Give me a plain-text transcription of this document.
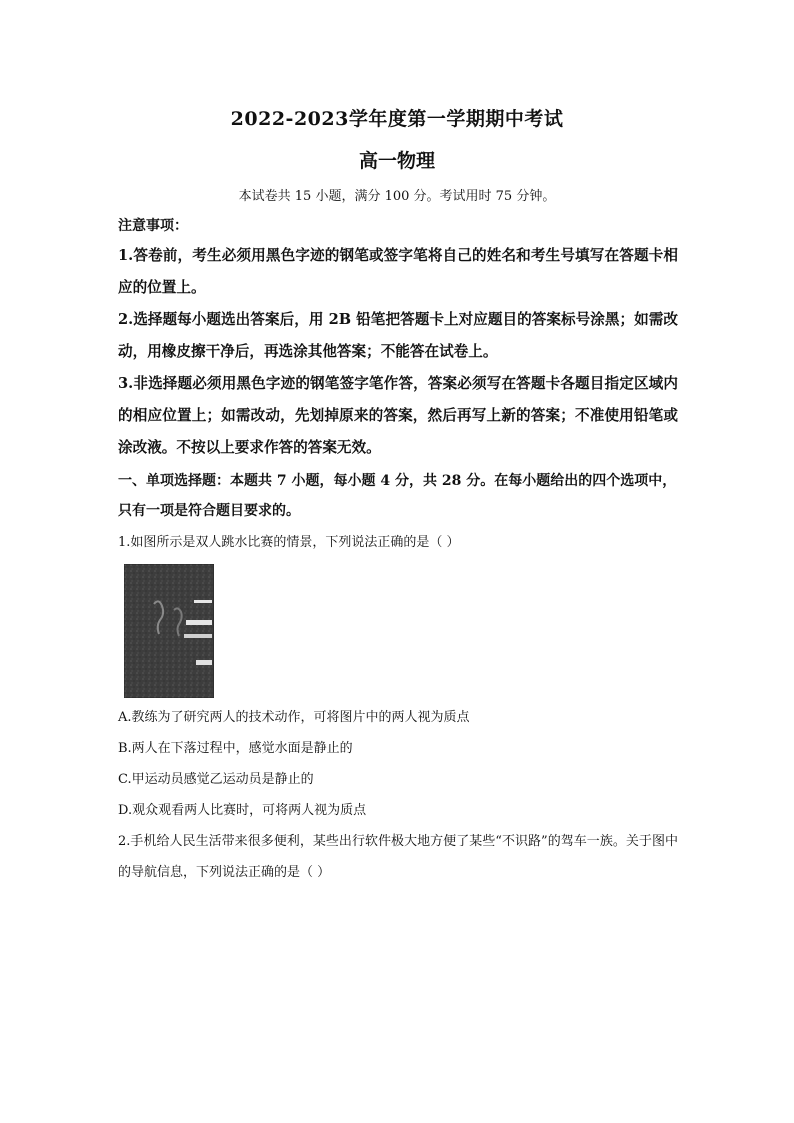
2022-2023学年度第一学期期中考试
高一物理
本试卷共 15 小题，满分 100 分。考试用时 75 分钟。
注意事项：
1.答卷前，考生必须用黑色字迹的钢笔或签字笔将自己的姓名和考生号填写在答题卡相应的位置上。
2.选择题每小题选出答案后，用 2B 铅笔把答题卡上对应题目的答案标号涂黑；如需改动，用橡皮擦干净后，再选涂其他答案；不能答在试卷上。
3.非选择题必须用黑色字迹的钢笔签字笔作答，答案必须写在答题卡各题目指定区域内的相应位置上；如需改动，先划掉原来的答案，然后再写上新的答案；不准使用铅笔或涂改液。不按以上要求作答的答案无效。
一、单项选择题：本题共 7 小题，每小题 4 分，共 28 分。在每小题给出的四个选项中，只有一项是符合题目要求的。
1.如图所示是双人跳水比赛的情景，下列说法正确的是（ ）
A.教练为了研究两人的技术动作，可将图片中的两人视为质点
B.两人在下落过程中，感觉水面是静止的
C.甲运动员感觉乙运动员是静止的
D.观众观看两人比赛时，可将两人视为质点
2.手机给人民生活带来很多便利，某些出行软件极大地方便了某些“不识路”的驾车一族。关于图中的导航信息，下列说法正确的是（ ）
